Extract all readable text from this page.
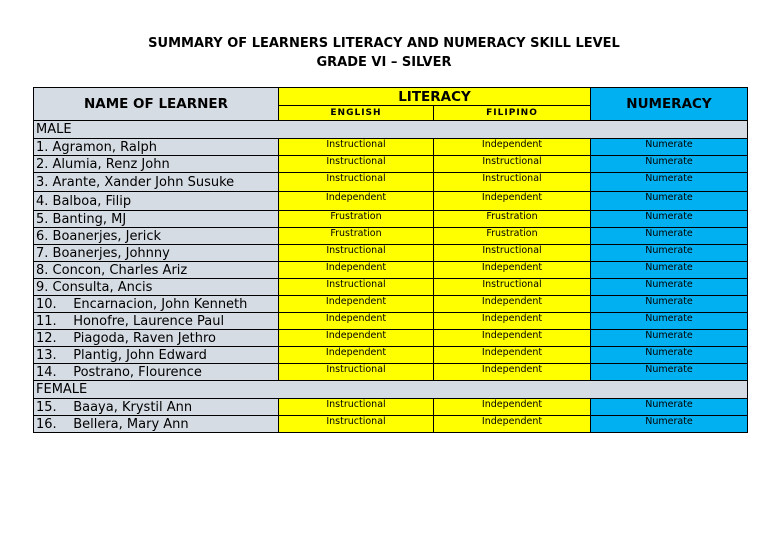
SUMMARY OF LEARNERS LITERACY AND NUMERACY SKILL LEVEL
GRADE VI – SILVER
NAME OF LEARNER	LITERACY		NUMERACY
	ENGLISH	FILIPINO	
MALE			
1. Agramon, Ralph	Instructional	Independent	Numerate
2. Alumia, Renz John	Instructional	Instructional	Numerate
3. Arante, Xander John Susuke	Instructional	Instructional	Numerate
4. Balboa, Filip	Independent	Independent	Numerate
5. Banting, MJ	Frustration	Frustration	Numerate
6. Boanerjes, Jerick	Frustration	Frustration	Numerate
7. Boanerjes, Johnny	Instructional	Instructional	Numerate
8. Concon, Charles Ariz	Independent	Independent	Numerate
9. Consulta, Ancis	Instructional	Instructional	Numerate
10.    Encarnacion, John Kenneth	Independent	Independent	Numerate
11.    Honofre, Laurence Paul	Independent	Independent	Numerate
12.    Piagoda, Raven Jethro	Independent	Independent	Numerate
13.    Plantig, John Edward	Independent	Independent	Numerate
14.    Postrano, Flourence	Instructional	Independent	Numerate
FEMALE			
15.    Baaya, Krystil Ann	Instructional	Independent	Numerate
16.    Bellera, Mary Ann	Instructional	Independent	Numerate
